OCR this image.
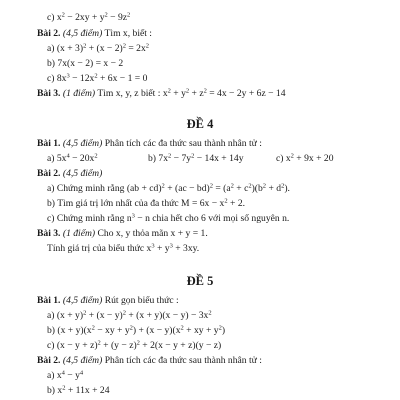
c) $x^2 - 2xy + y^2 - 9z^2$
Bài 2. (4,5 điểm) Tìm x, biết :
a) $(x + 3)^2 + (x - 2)^2 = 2x^2$
b) 7x(x − 2) = x − 2
c) $8x^3 - 12x^2 + 6x - 1 = 0$
Bài 3. (1 điểm) Tìm x, y, z biết : $x^2 + y^2 + z^2 = 4x - 2y + 6z - 14$
ĐỀ 4
Bài 1. (4,5 điểm) Phân tích các đa thức sau thành nhân tử :
a) $5x^4 - 20x^2$	b) $7x^2 - 7y^2 - 14x + 14y$	c) $x^2 + 9x + 20$
Bài 2. (4,5 điểm)
a) Chứng minh rằng $(ab + cd)^2 + (ac - bd)^2 = (a^2 + c^2)(b^2 + d^2)$.
b) Tìm giá trị lớn nhất của đa thức $M = 6x - x^2 + 2$.
c) Chứng minh rằng $n^3 - n$ chia hết cho 6 với mọi số nguyên n.
Bài 3. (1 điểm) Cho x, y thỏa mãn x + y = 1.
Tính giá trị của biểu thức $x^3 + y^3 + 3xy$.
ĐỀ 5
Bài 1. (4,5 điểm) Rút gọn biểu thức :
a) $(x + y)^2 + (x - y)^2 + (x + y)(x - y) - 3x^2$
b) $(x + y)(x^2$ − xy + $y^2) + (x - y)(x^2$ + xy + $y^2$)
c) $(x - y + z)^2 + (y - z)^2 + 2(x - y + z)(y - z)$
Bài 2. (4,5 điểm) Phân tích các đa thức sau thành nhân tử :
a) $x^4 - y^4$
b) $x^2 + 11x + 24$
